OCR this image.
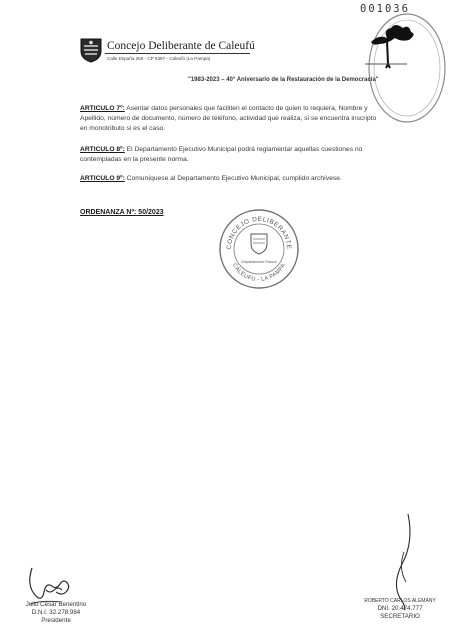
001036
Concejo Deliberante de Caleufú
Calle España 259 - CP 6387 - Caleufú (La Pampa)
"1983-2023 – 40° Aniversario de la Restauración de la Democracia"
ARTICULO 7º: Asentar datos personales que faciliten el contacto de quien lo requiera, Nombre y Apellido, número de documento, número de teléfono, actividad que realiza, si se encuentra inscripto en monotributo si es el caso.
ARTICULO 8º: El Departamento Ejecutivo Municipal podrá reglamentar aquellas cuestiones no contempladas en la presente norma.
ARTICULO 9º: Comuníquese al Departamento Ejecutivo Municipal, cumplido archívese.
ORDENANZA Nº: 50/2023
CONCEJO DELIBERANTE
CALEUFÚ - LA PAMPA
Departamento Rancul
Julio César Benentino
D.N.I. 32.278.984
Presidente
ROBERTO CARLOS ALEMANY
DNI. 20.474.777
SECRETARIO
